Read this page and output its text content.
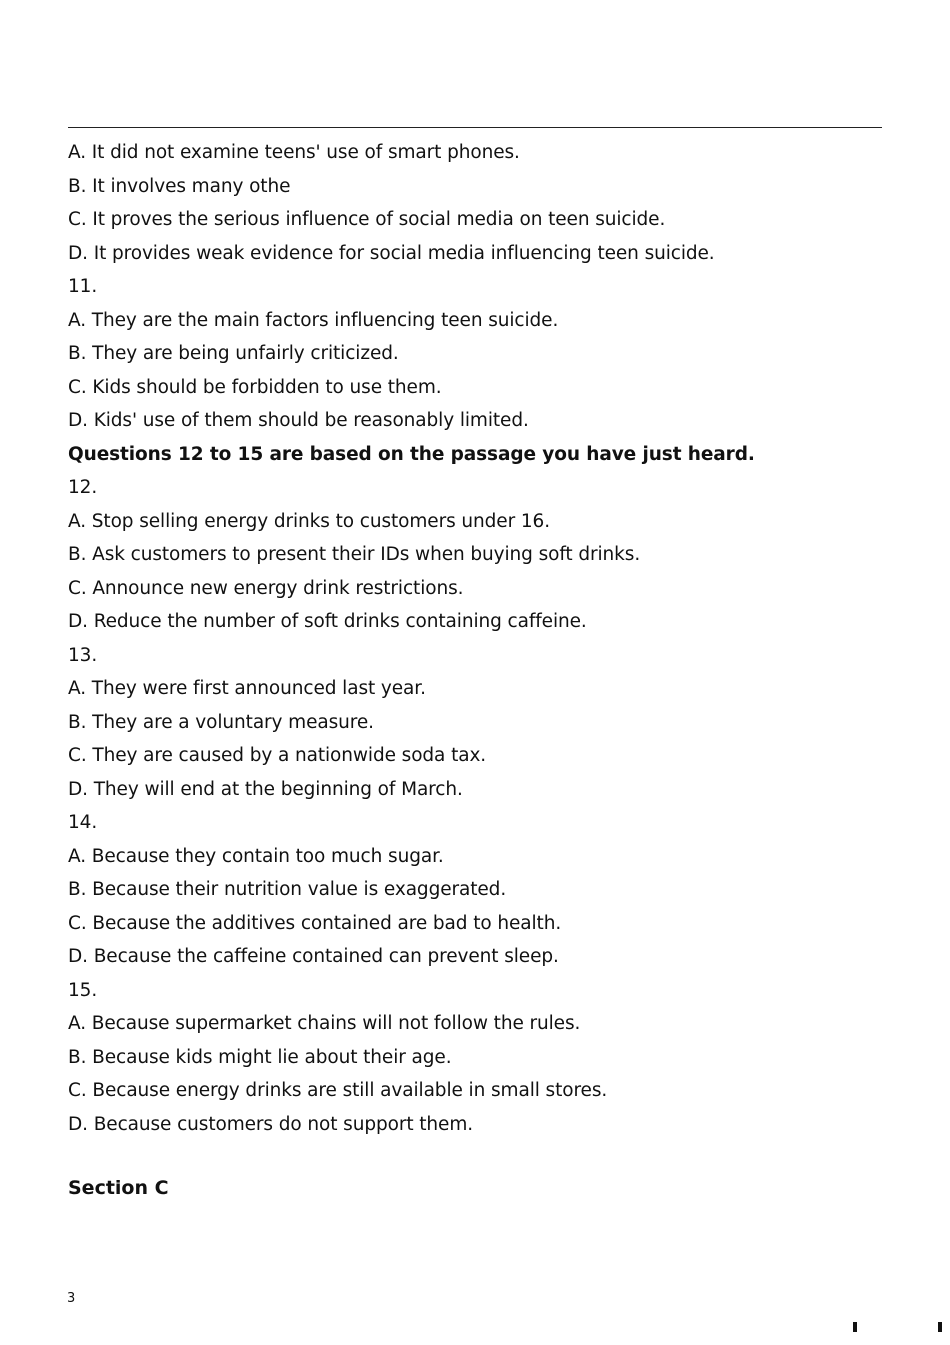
A. It did not examine teens' use of smart phones.
B. It involves many othe
C. It proves the serious influence of social media on teen suicide.
D. It provides weak evidence for social media influencing teen suicide.
11.
A. They are the main factors influencing teen suicide.
B. They are being unfairly criticized.
C. Kids should be forbidden to use them.
D. Kids' use of them should be reasonably limited.
Questions 12 to 15 are based on the passage you have just heard.
12.
A. Stop selling energy drinks to customers under 16.
B. Ask customers to present their IDs when buying soft drinks.
C. Announce new energy drink restrictions.
D. Reduce the number of soft drinks containing caffeine.
13.
A. They were first announced last year.
B. They are a voluntary measure.
C. They are caused by a nationwide soda tax.
D. They will end at the beginning of March.
14.
A. Because they contain too much sugar.
B. Because their nutrition value is exaggerated.
C. Because the additives contained are bad to health.
D. Because the caffeine contained can prevent sleep.
15.
A. Because supermarket chains will not follow the rules.
B. Because kids might lie about their age.
C. Because energy drinks are still available in small stores.
D. Because customers do not support them.
Section C
3
